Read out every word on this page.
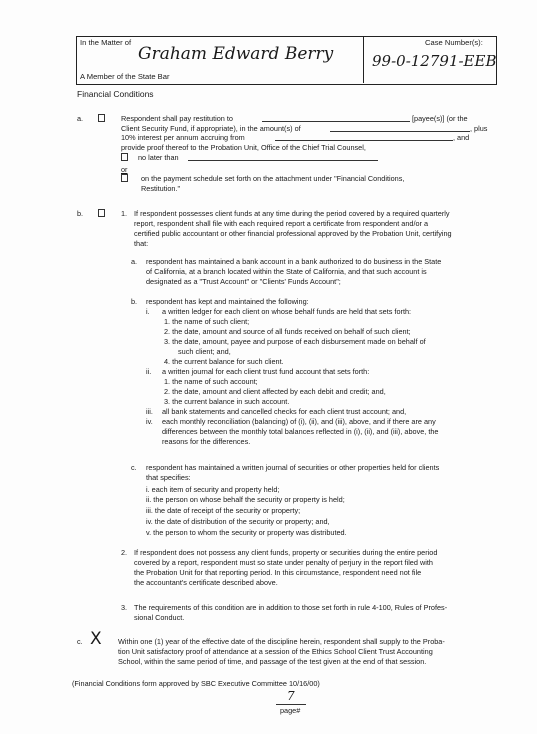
In the Matter of	Case Number(s):
Graham Edward Berry	99-0-12791-EEB
A Member of the State Bar
Financial Conditions
a.	Respondent shall pay restitution to	[payee(s)] (or the
Client Security Fund, if appropriate), in the amount(s) of	, plus
10% interest per annum accruing from	, and
provide proof thereof to the Probation Unit, Office of the Chief Trial Counsel,
no later than
or
on the payment schedule set forth on the attachment under "Financial Conditions,
Restitution."
b.	1. If respondent possesses client funds at any time during the period covered by a required quarterly
report, respondent shall file with each required report a certificate from respondent and/or a
certified public accountant or other financial professional approved by the Probation Unit, certifying
that:
a. respondent has maintained a bank account in a bank authorized to do business in the State
of California, at a branch located within the State of California, and that such account is
designated as a "Trust Account" or "Clients' Funds Account";
b. respondent has kept and maintained the following:
i. a written ledger for each client on whose behalf funds are held that sets forth:
1. the name of such client;
2. the date, amount and source of all funds received on behalf of such client;
3. the date, amount, payee and purpose of each disbursement made on behalf of
such client; and,
4. the current balance for such client.
ii. a written journal for each client trust fund account that sets forth:
1. the name of such account;
2. the date, amount and client affected by each debit and credit; and,
3. the current balance in such account.
iii. all bank statements and cancelled checks for each client trust account; and,
iv. each monthly reconciliation (balancing) of (i), (ii), and (iii), above, and if there are any
differences between the monthly total balances reflected in (i), (ii), and (iii), above, the
reasons for the differences.
c. respondent has maintained a written journal of securities or other properties held for clients
that specifies:
i. each item of security and property held;
ii. the person on whose behalf the security or property is held;
iii. the date of receipt of the security or property;
iv. the date of distribution of the security or property; and,
v. the person to whom the security or property was distributed.
2. If respondent does not possess any client funds, property or securities during the entire period
covered by a report, respondent must so state under penalty of perjury in the report filed with
the Probation Unit for that reporting period. In this circumstance, respondent need not file
the accountant's certificate described above.
3. The requirements of this condition are in addition to those set forth in rule 4-100, Rules of Profes-
sional Conduct.
c. X Within one (1) year of the effective date of the discipline herein, respondent shall supply to the Proba-
tion Unit satisfactory proof of attendance at a session of the Ethics School Client Trust Accounting
School, within the same period of time, and passage of the test given at the end of that session.
(Financial Conditions form approved by SBC Executive Committee 10/16/00)
7
page#
